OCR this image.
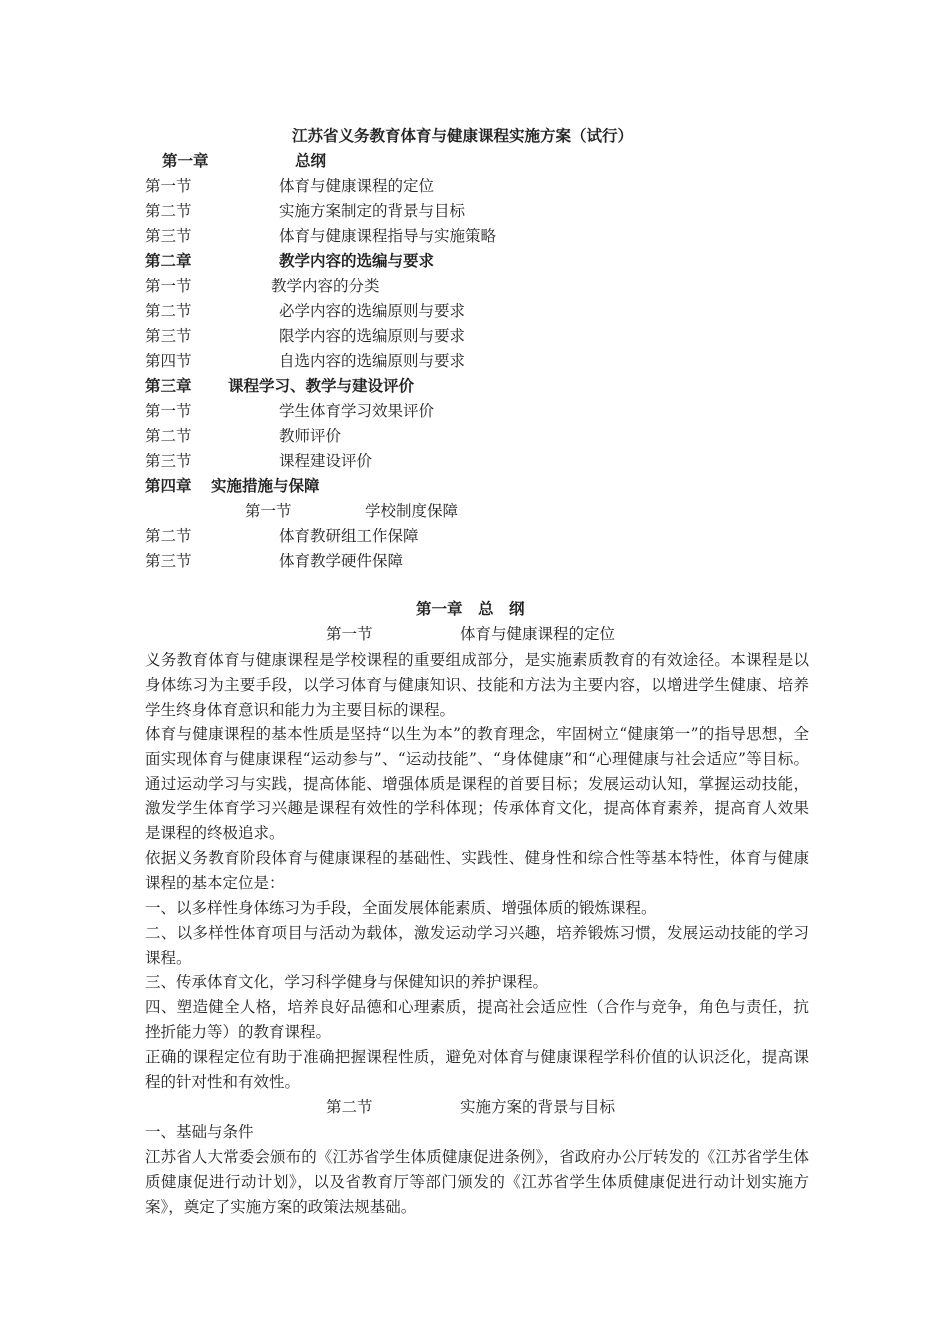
江苏省义务教育体育与健康课程实施方案（试行）
第一章	总纲
第一节	体育与健康课程的定位
第二节	实施方案制定的背景与目标
第三节	体育与健康课程指导与实施策略
第二章	教学内容的选编与要求
第一节	教学内容的分类
第二节	必学内容的选编原则与要求
第三节	限学内容的选编原则与要求
第四节	自选内容的选编原则与要求
第三章 课程学习、教学与建设评价
第一节	学生体育学习效果评价
第二节	教师评价
第三节	课程建设评价
第四章 实施措施与保障
第一节	学校制度保障
第二节	体育教研组工作保障
第三节	体育教学硬件保障
第一章　总　纲
第一节	体育与健康课程的定位
义务教育体育与健康课程是学校课程的重要组成部分，是实施素质教育的有效途径。本课程是以身体练习为主要手段，以学习体育与健康知识、技能和方法为主要内容，以增进学生健康、培养学生终身体育意识和能力为主要目标的课程。
体育与健康课程的基本性质是坚持“以生为本”的教育理念，牢固树立“健康第一”的指导思想，全面实现体育与健康课程“运动参与”、“运动技能”、“身体健康”和“心理健康与社会适应”等目标。通过运动学习与实践，提高体能、增强体质是课程的首要目标；发展运动认知，掌握运动技能，激发学生体育学习兴趣是课程有效性的学科体现；传承体育文化，提高体育素养，提高育人效果是课程的终极追求。
依据义务教育阶段体育与健康课程的基础性、实践性、健身性和综合性等基本特性，体育与健康课程的基本定位是：
一、以多样性身体练习为手段，全面发展体能素质、增强体质的锻炼课程。
二、以多样性体育项目与活动为载体，激发运动学习兴趣，培养锻炼习惯，发展运动技能的学习课程。
三、传承体育文化，学习科学健身与保健知识的养护课程。
四、塑造健全人格，培养良好品德和心理素质，提高社会适应性（合作与竞争，角色与责任，抗挫折能力等）的教育课程。
正确的课程定位有助于准确把握课程性质，避免对体育与健康课程学科价值的认识泛化，提高课程的针对性和有效性。
第二节	实施方案的背景与目标
一、基础与条件
江苏省人大常委会颁布的《江苏省学生体质健康促进条例》，省政府办公厅转发的《江苏省学生体质健康促进行动计划》，以及省教育厅等部门颁发的《江苏省学生体质健康促进行动计划实施方案》，奠定了实施方案的政策法规基础。
